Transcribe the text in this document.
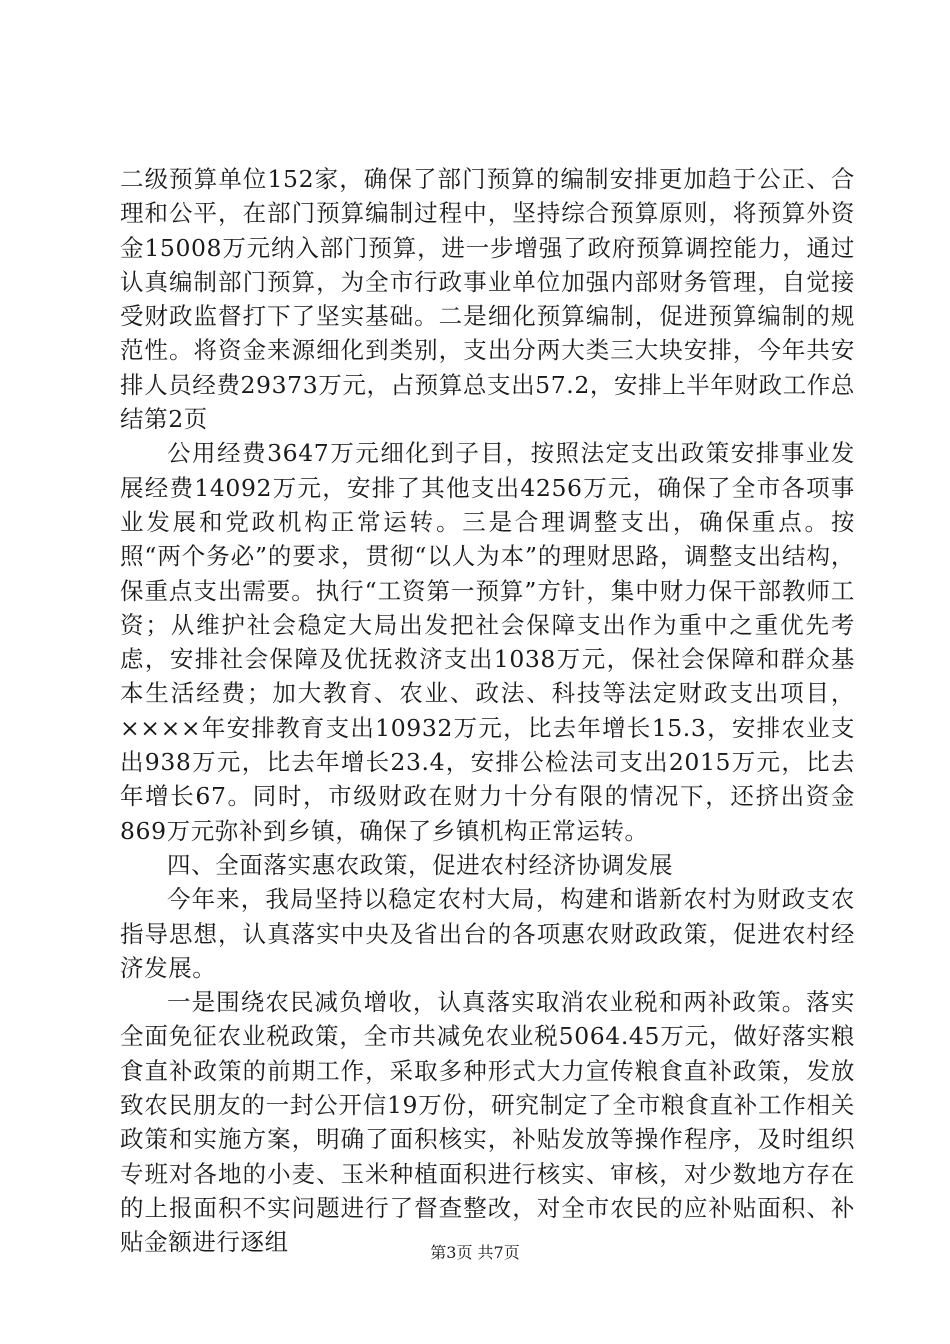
二级预算单位152家，确保了部门预算的编制安排更加趋于公正、合理和公平，在部门预算编制过程中，坚持综合预算原则，将预算外资金15008万元纳入部门预算，进一步增强了政府预算调控能力，通过认真编制部门预算，为全市行政事业单位加强内部财务管理，自觉接受财政监督打下了坚实基础。二是细化预算编制，促进预算编制的规范性。将资金来源细化到类别，支出分两大类三大块安排，今年共安排人员经费29373万元，占预算总支出57.2，安排上半年财政工作总结第2页

公用经费3647万元细化到子目，按照法定支出政策安排事业发展经费14092万元，安排了其他支出4256万元，确保了全市各项事业发展和党政机构正常运转。三是合理调整支出，确保重点。按照“两个务必”的要求，贯彻“以人为本”的理财思路，调整支出结构，保重点支出需要。执行“工资第一预算”方针，集中财力保干部教师工资；从维护社会稳定大局出发把社会保障支出作为重中之重优先考虑，安排社会保障及优抚救济支出1038万元，保社会保障和群众基本生活经费；加大教育、农业、政法、科技等法定财政支出项目，××××年安排教育支出10932万元，比去年增长15.3，安排农业支出938万元，比去年增长23.4，安排公检法司支出2015万元，比去年增长67。同时，市级财政在财力十分有限的情况下，还挤出资金869万元弥补到乡镇，确保了乡镇机构正常运转。

四、全面落实惠农政策，促进农村经济协调发展

今年来，我局坚持以稳定农村大局，构建和谐新农村为财政支农指导思想，认真落实中央及省出台的各项惠农财政政策，促进农村经济发展。

一是围绕农民减负增收，认真落实取消农业税和两补政策。落实全面免征农业税政策，全市共减免农业税5064.45万元，做好落实粮食直补政策的前期工作，采取多种形式大力宣传粮食直补政策，发放致农民朋友的一封公开信19万份，研究制定了全市粮食直补工作相关政策和实施方案，明确了面积核实，补贴发放等操作程序，及时组织专班对各地的小麦、玉米种植面积进行核实、审核，对少数地方存在的上报面积不实问题进行了督查整改，对全市农民的应补贴面积、补贴金额进行逐组	第3页 共7页
